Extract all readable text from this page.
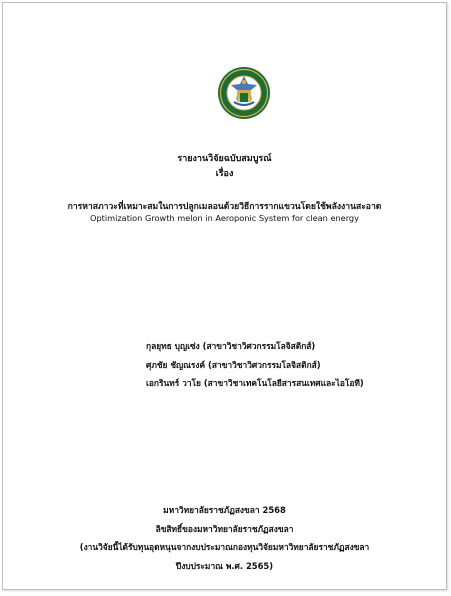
รายงานวิจัยฉบับสมบูรณ์
เรื่อง
การหาสภาวะที่เหมาะสมในการปลูกเมลอนด้วยวิธีการรากแขวนโดยใช้พลังงานสะอาด
Optimization Growth melon in Aeroponic System for clean energy
กุลยุทธ บุญเซ่ง (สาขาวิชาวิศวกรรมโลจิสติกส์)
ศุภชัย ชัญณรงค์ (สาขาวิชาวิศวกรรมโลจิสติกส์)
เอกรินทร์ วาโย (สาขาวิชาเทคโนโลยีสารสนเทศและไอโอที)
มหาวิทยาลัยราชภัฏสงขลา 2568
ลิขสิทธิ์ของมหาวิทยาลัยราชภัฏสงขลา
(งานวิจัยนี้ได้รับทุนอุดหนุนจากงบประมาณกองทุนวิจัยมหาวิทยาลัยราชภัฏสงขลา
ปีงบประมาณ พ.ศ. 2565)
